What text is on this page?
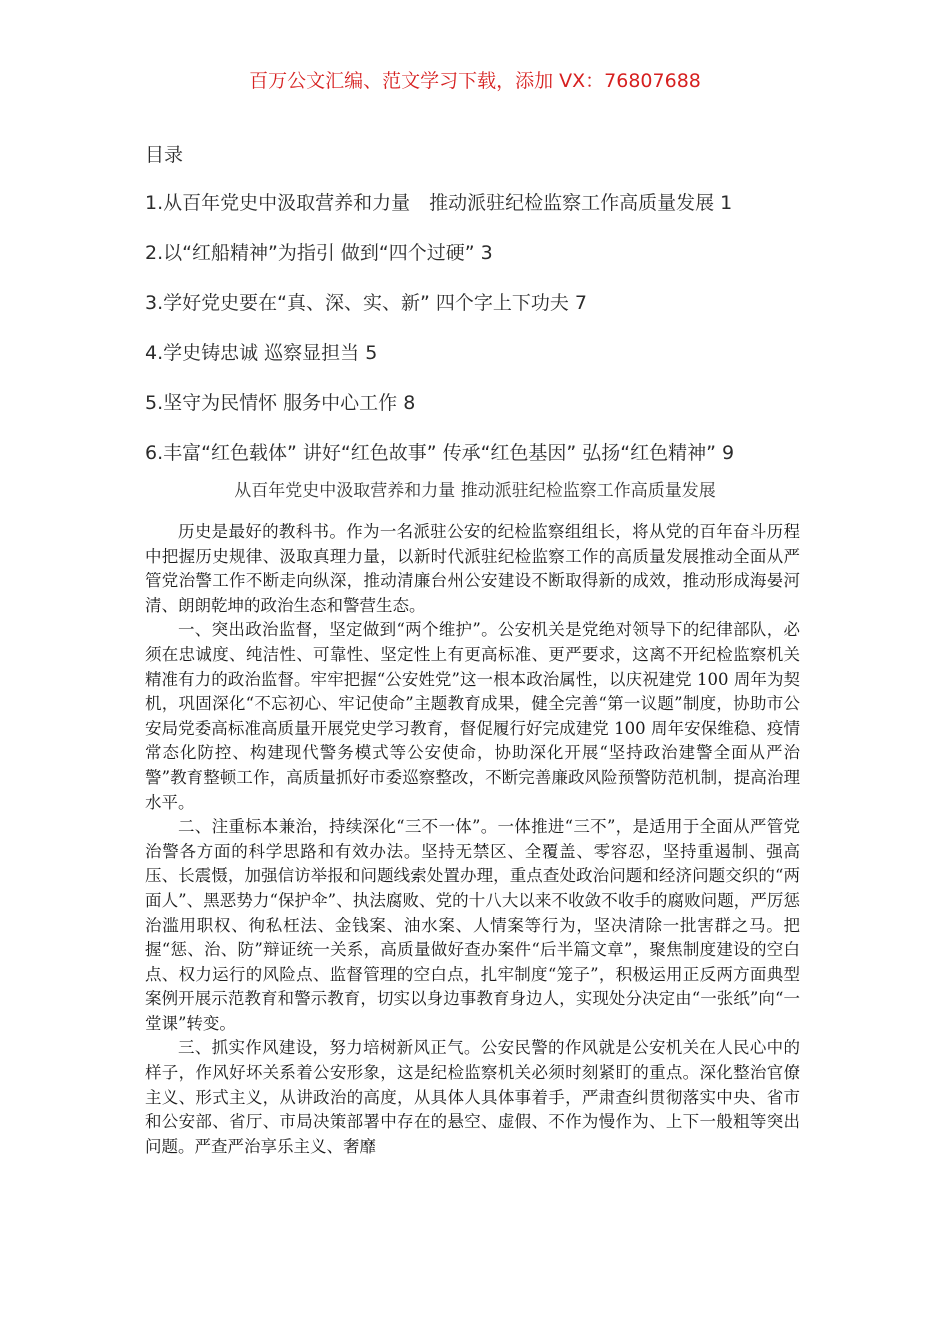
百万公文汇编、范文学习下载，添加 VX：76807688
目录
1.从百年党史中汲取营养和力量　推动派驻纪检监察工作高质量发展 1
2.以“红船精神”为指引 做到“四个过硬” 3
3.学好党史要在“真、深、实、新” 四个字上下功夫 7
4.学史铸忠诚 巡察显担当 5
5.坚守为民情怀 服务中心工作 8
6.丰富“红色载体” 讲好“红色故事” 传承“红色基因” 弘扬“红色精神” 9
从百年党史中汲取营养和力量 推动派驻纪检监察工作高质量发展

历史是最好的教科书。作为一名派驻公安的纪检监察组组长，将从党的百年奋斗历程中把握历史规律、汲取真理力量，以新时代派驻纪检监察工作的高质量发展推动全面从严管党治警工作不断走向纵深，推动清廉台州公安建设不断取得新的成效，推动形成海晏河清、朗朗乾坤的政治生态和警营生态。

一、突出政治监督，坚定做到“两个维护”。公安机关是党绝对领导下的纪律部队，必须在忠诚度、纯洁性、可靠性、坚定性上有更高标准、更严要求，这离不开纪检监察机关精准有力的政治监督。牢牢把握“公安姓党”这一根本政治属性，以庆祝建党 100 周年为契机，巩固深化“不忘初心、牢记使命”主题教育成果，健全完善“第一议题”制度，协助市公安局党委高标准高质量开展党史学习教育，督促履行好完成建党 100 周年安保维稳、疫情常态化防控、构建现代警务模式等公安使命，协助深化开展“坚持政治建警全面从严治警”教育整顿工作，高质量抓好市委巡察整改，不断完善廉政风险预警防范机制，提高治理水平。

二、注重标本兼治，持续深化“三不一体”。一体推进“三不”，是适用于全面从严管党治警各方面的科学思路和有效办法。坚持无禁区、全覆盖、零容忍，坚持重遏制、强高压、长震慑，加强信访举报和问题线索处置办理，重点查处政治问题和经济问题交织的“两面人”、黑恶势力“保护伞”、执法腐败、党的十八大以来不收敛不收手的腐败问题，严厉惩治滥用职权、徇私枉法、金钱案、油水案、人情案等行为，坚决清除一批害群之马。把握“惩、治、防”辩证统一关系，高质量做好查办案件“后半篇文章”，聚焦制度建设的空白点、权力运行的风险点、监督管理的空白点，扎牢制度“笼子”，积极运用正反两方面典型案例开展示范教育和警示教育，切实以身边事教育身边人，实现处分决定由“一张纸”向“一堂课”转变。

三、抓实作风建设，努力培树新风正气。公安民警的作风就是公安机关在人民心中的样子，作风好坏关系着公安形象，这是纪检监察机关必须时刻紧盯的重点。深化整治官僚主义、形式主义，从讲政治的高度，从具体人具体事着手，严肃查纠贯彻落实中央、省市和公安部、省厅、市局决策部署中存在的悬空、虚假、不作为慢作为、上下一般粗等突出问题。严查严治享乐主义、奢靡
